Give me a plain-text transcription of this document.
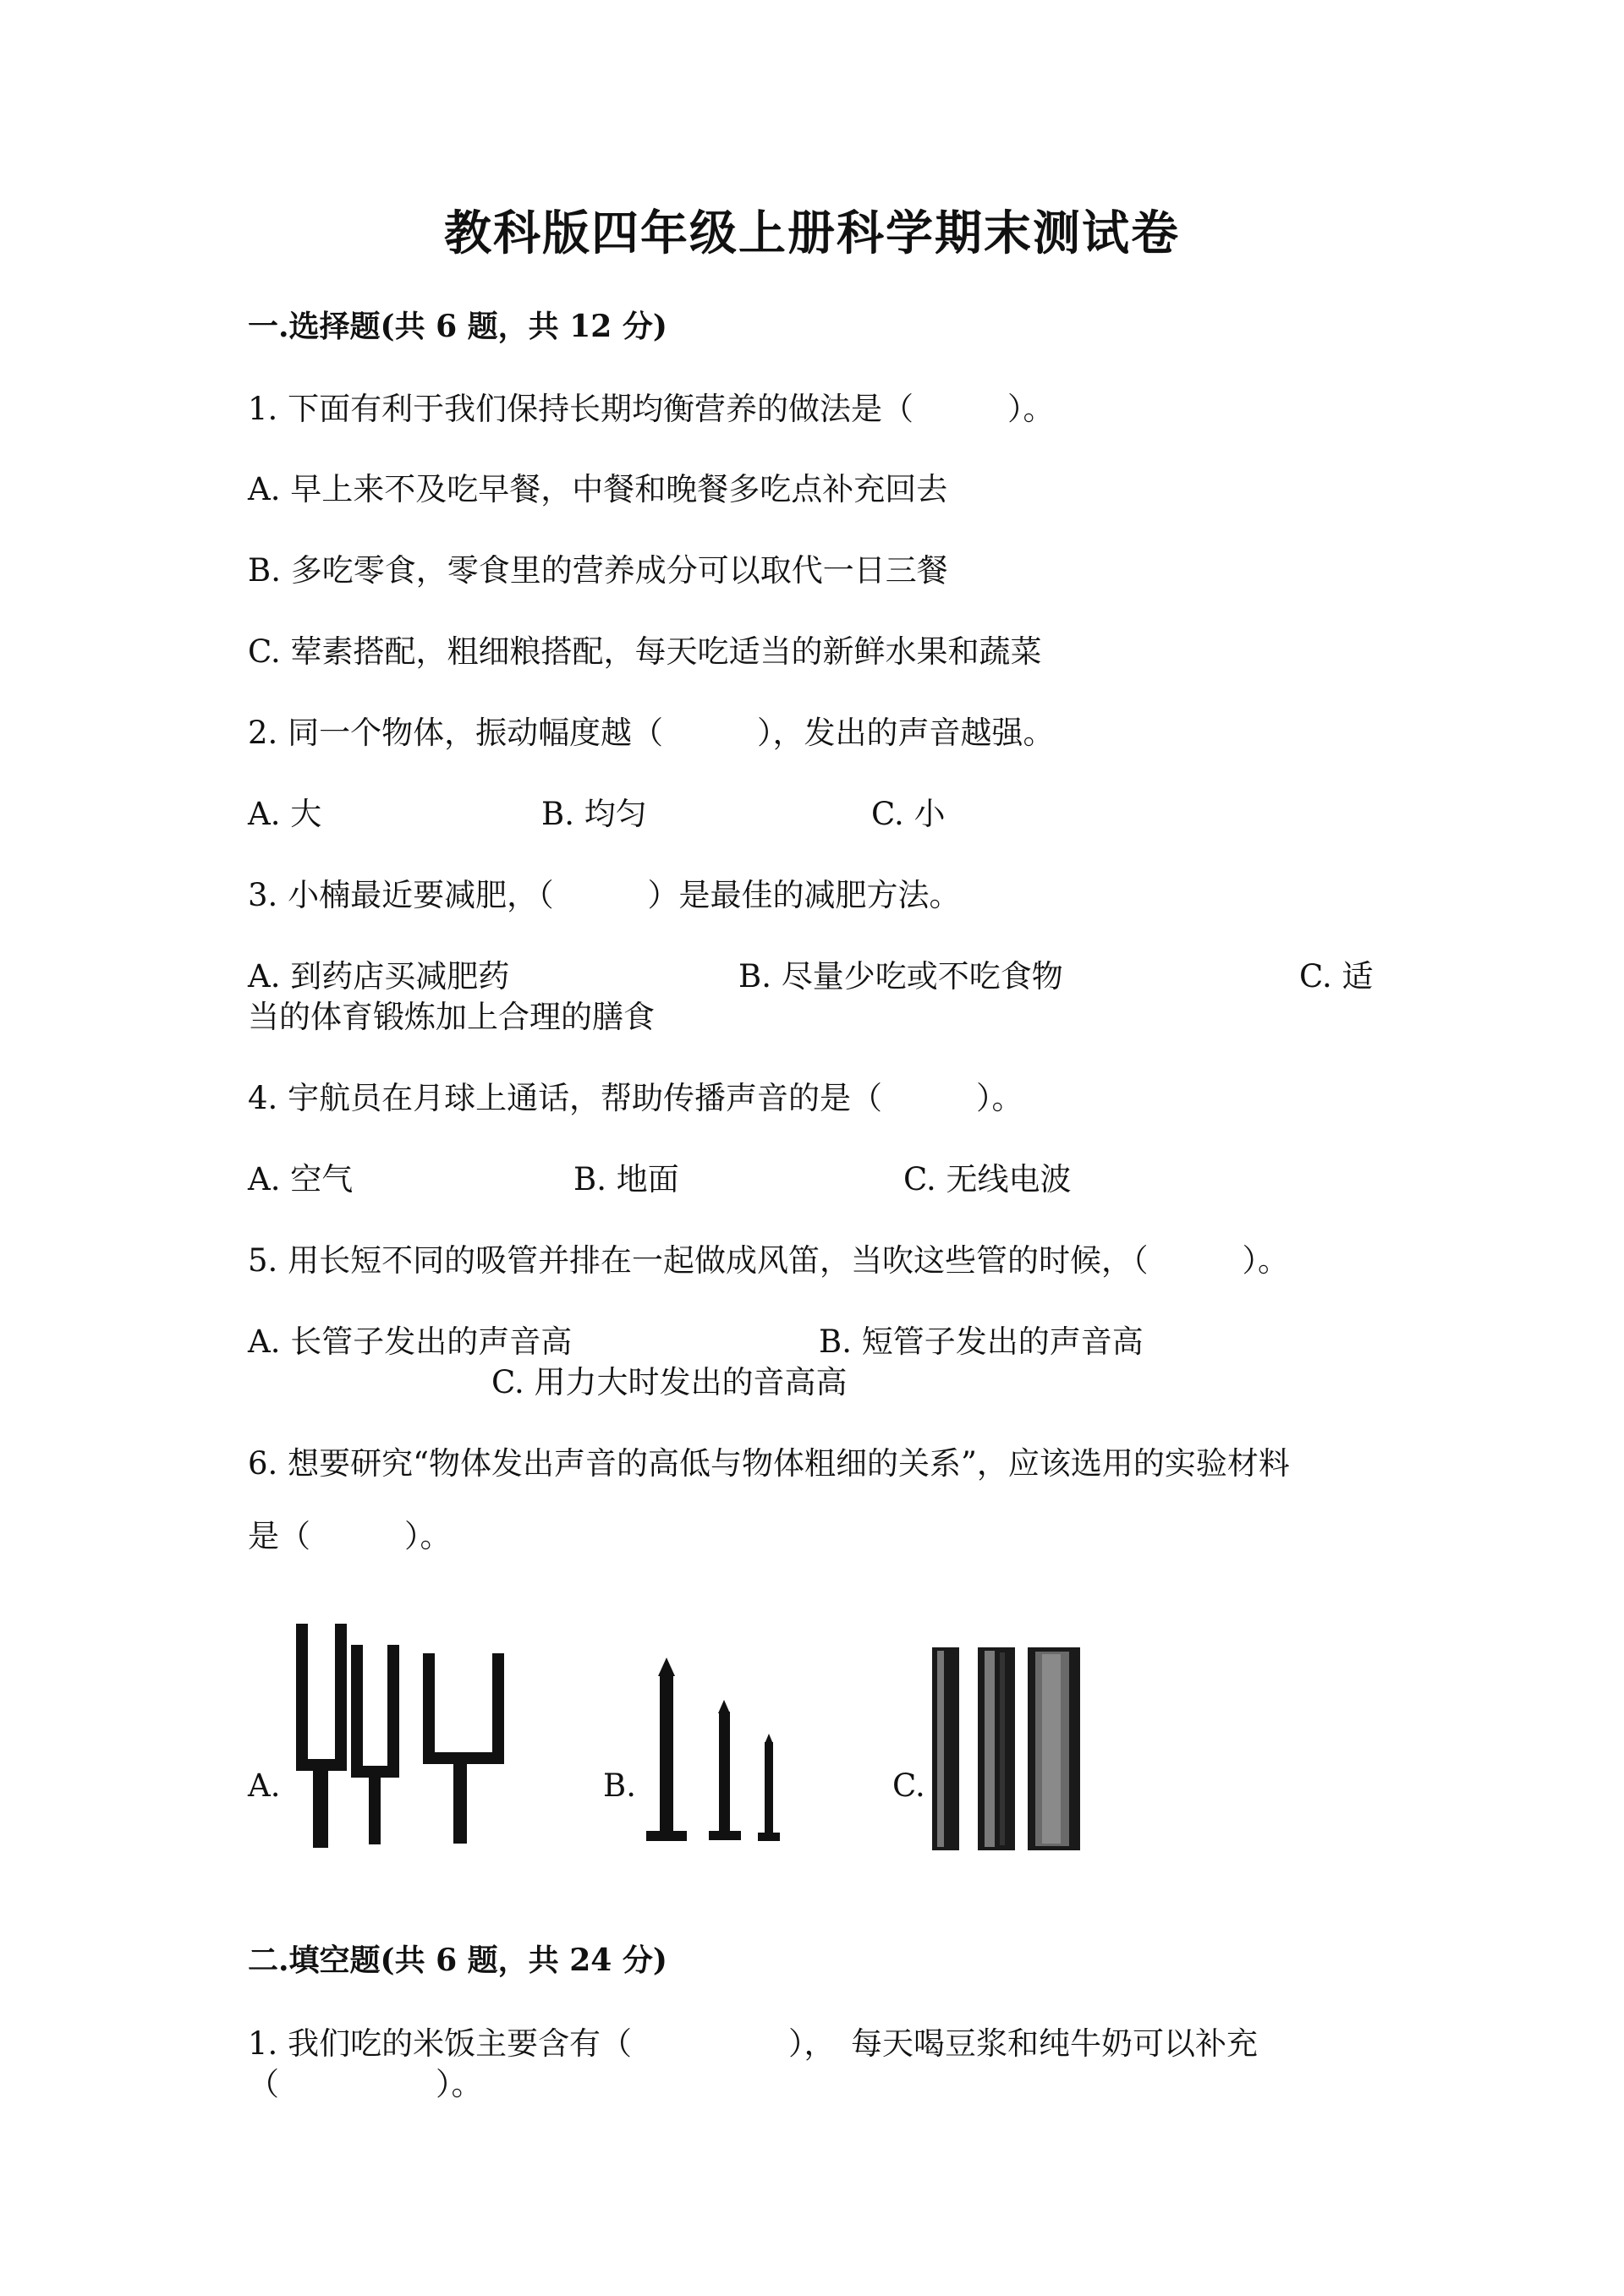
教科版四年级上册科学期末测试卷
一.选择题(共 6 题，共 12 分)
1. 下面有利于我们保持长期均衡营养的做法是（　　　）。
A. 早上来不及吃早餐，中餐和晚餐多吃点补充回去
B. 多吃零食，零食里的营养成分可以取代一日三餐
C. 荤素搭配，粗细粮搭配，每天吃适当的新鲜水果和蔬菜
2. 同一个物体，振动幅度越（　　　），发出的声音越强。
A. 大	B. 均匀	C. 小
3. 小楠最近要减肥，（　　　）是最佳的减肥方法。
A. 到药店买减肥药	B. 尽量少吃或不吃食物	C. 适
当的体育锻炼加上合理的膳食
4. 宇航员在月球上通话，帮助传播声音的是（　　　）。
A. 空气	B. 地面	C. 无线电波
5. 用长短不同的吸管并排在一起做成风笛，当吹这些管的时候，（　　　）。
A. 长管子发出的声音高	B. 短管子发出的声音高
C. 用力大时发出的音高高
6. 想要研究“物体发出声音的高低与物体粗细的关系”，应该选用的实验材料
是（　　　）。
A.	B.	C.
二.填空题(共 6 题，共 24 分)
1. 我们吃的米饭主要含有（　　　　　），　每天喝豆浆和纯牛奶可以补充
（　　　　　）。
